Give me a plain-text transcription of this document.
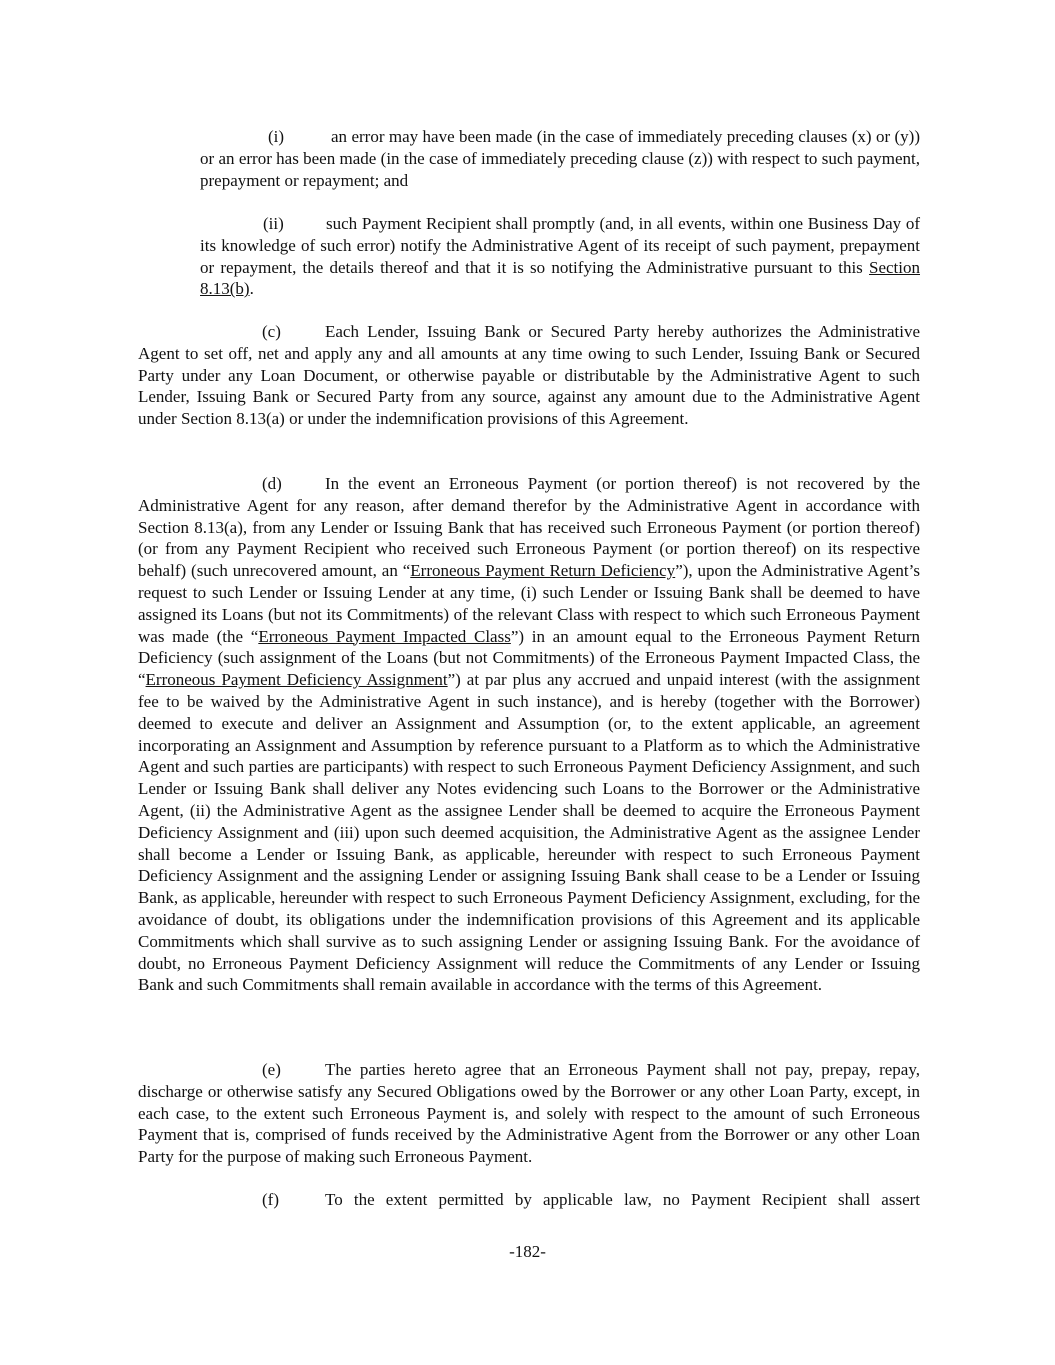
(i)	an error may have been made (in the case of immediately preceding clauses (x) or (y)) or an error has been made (in the case of immediately preceding clause (z)) with respect to such payment, prepayment or repayment; and

(ii) such Payment Recipient shall promptly (and, in all events, within one Business Day of its knowledge of such error) notify the Administrative Agent of its receipt of such payment, prepayment or repayment, the details thereof and that it is so notifying the Administrative pursuant to this Section 8.13(b).

(c)	Each Lender, Issuing Bank or Secured Party hereby authorizes the Administrative Agent to set off, net and apply any and all amounts at any time owing to such Lender, Issuing Bank or Secured Party under any Loan Document, or otherwise payable or distributable by the Administrative Agent to such Lender, Issuing Bank or Secured Party from any source, against any amount due to the Administrative Agent under Section 8.13(a) or under the indemnification provisions of this Agreement.

(d)	In the event an Erroneous Payment (or portion thereof) is not recovered by the Administrative Agent for any reason, after demand therefor by the Administrative Agent in accordance with Section 8.13(a), from any Lender or Issuing Bank that has received such Erroneous Payment (or portion thereof) (or from any Payment Recipient who received such Erroneous Payment (or portion thereof) on its respective behalf) (such unrecovered amount, an “Erroneous Payment Return Deficiency”), upon the Administrative Agent’s request to such Lender or Issuing Lender at any time, (i) such Lender or Issuing Bank shall be deemed to have assigned its Loans (but not its Commitments) of the relevant Class with respect to which such Erroneous Payment was made (the “Erroneous Payment Impacted Class”) in an amount equal to the Erroneous Payment Return Deficiency (such assignment of the Loans (but not Commitments) of the Erroneous Payment Impacted Class, the “Erroneous Payment Deficiency Assignment”) at par plus any accrued and unpaid interest (with the assignment fee to be waived by the Administrative Agent in such instance), and is hereby (together with the Borrower) deemed to execute and deliver an Assignment and Assumption (or, to the extent applicable, an agreement incorporating an Assignment and Assumption by reference pursuant to a Platform as to which the Administrative Agent and such parties are participants) with respect to such Erroneous Payment Deficiency Assignment, and such Lender or Issuing Bank shall deliver any Notes evidencing such Loans to the Borrower or the Administrative Agent, (ii) the Administrative Agent as the assignee Lender shall be deemed to acquire the Erroneous Payment Deficiency Assignment and (iii) upon such deemed acquisition, the Administrative Agent as the assignee Lender shall become a Lender or Issuing Bank, as applicable, hereunder with respect to such Erroneous Payment Deficiency Assignment and the assigning Lender or assigning Issuing Bank shall cease to be a Lender or Issuing Bank, as applicable, hereunder with respect to such Erroneous Payment Deficiency Assignment, excluding, for the avoidance of doubt, its obligations under the indemnification provisions of this Agreement and its applicable Commitments which shall survive as to such assigning Lender or assigning Issuing Bank. For the avoidance of doubt, no Erroneous Payment Deficiency Assignment will reduce the Commitments of any Lender or Issuing Bank and such Commitments shall remain available in accordance with the terms of this Agreement.

(e)	The parties hereto agree that an Erroneous Payment shall not pay, prepay, repay, discharge or otherwise satisfy any Secured Obligations owed by the Borrower or any other Loan Party, except, in each case, to the extent such Erroneous Payment is, and solely with respect to the amount of such Erroneous Payment that is, comprised of funds received by the Administrative Agent from the Borrower or any other Loan Party for the purpose of making such Erroneous Payment.

(f)	To the extent permitted by applicable law, no Payment Recipient shall assert

-182-
